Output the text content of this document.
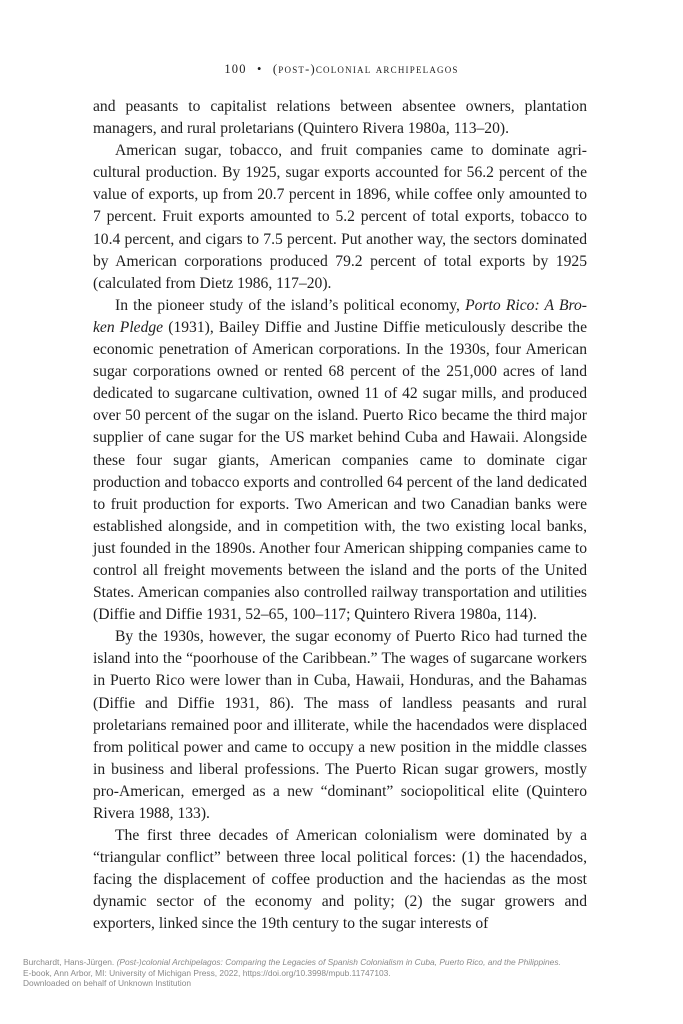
100 • (post-)colonial archipelagos

and peasants to capitalist relations between absentee owners, plantation managers, and rural proletarians (Quintero Rivera 1980a, 113–20).

American sugar, tobacco, and fruit companies came to dominate agricultural production. By 1925, sugar exports accounted for 56.2 percent of the value of exports, up from 20.7 percent in 1896, while coffee only amounted to 7 percent. Fruit exports amounted to 5.2 percent of total exports, tobacco to 10.4 percent, and cigars to 7.5 percent. Put another way, the sectors dominated by American corporations produced 79.2 percent of total exports by 1925 (calculated from Dietz 1986, 117–20).

In the pioneer study of the island’s political economy, Porto Rico: A Broken Pledge (1931), Bailey Diffie and Justine Diffie meticulously describe the economic penetration of American corporations. In the 1930s, four American sugar corporations owned or rented 68 percent of the 251,000 acres of land dedicated to sugarcane cultivation, owned 11 of 42 sugar mills, and produced over 50 percent of the sugar on the island. Puerto Rico became the third major supplier of cane sugar for the US market behind Cuba and Hawaii. Alongside these four sugar giants, American companies came to dominate cigar production and tobacco exports and controlled 64 percent of the land dedicated to fruit production for exports. Two American and two Canadian banks were established alongside, and in competition with, the two existing local banks, just founded in the 1890s. Another four American shipping companies came to control all freight movements between the island and the ports of the United States. American companies also controlled railway transportation and utilities (Diffie and Diffie 1931, 52–65, 100–117; Quintero Rivera 1980a, 114).

By the 1930s, however, the sugar economy of Puerto Rico had turned the island into the “poorhouse of the Caribbean.” The wages of sugarcane workers in Puerto Rico were lower than in Cuba, Hawaii, Honduras, and the Bahamas (Diffie and Diffie 1931, 86). The mass of landless peasants and rural proletarians remained poor and illiterate, while the hacendados were displaced from political power and came to occupy a new position in the middle classes in business and liberal professions. The Puerto Rican sugar growers, mostly pro-American, emerged as a new “dominant” sociopolitical elite (Quintero Rivera 1988, 133).

The first three decades of American colonialism were dominated by a “triangular conflict” between three local political forces: (1) the hacendados, facing the displacement of coffee production and the haciendas as the most dynamic sector of the economy and polity; (2) the sugar growers and exporters, linked since the 19th century to the sugar interests of

Burchardt, Hans-Jürgen. (Post-)colonial Archipelagos: Comparing the Legacies of Spanish Colonialism in Cuba, Puerto Rico, and the Philippines.
E-book, Ann Arbor, MI: University of Michigan Press, 2022, https://doi.org/10.3998/mpub.11747103.
Downloaded on behalf of Unknown Institution
